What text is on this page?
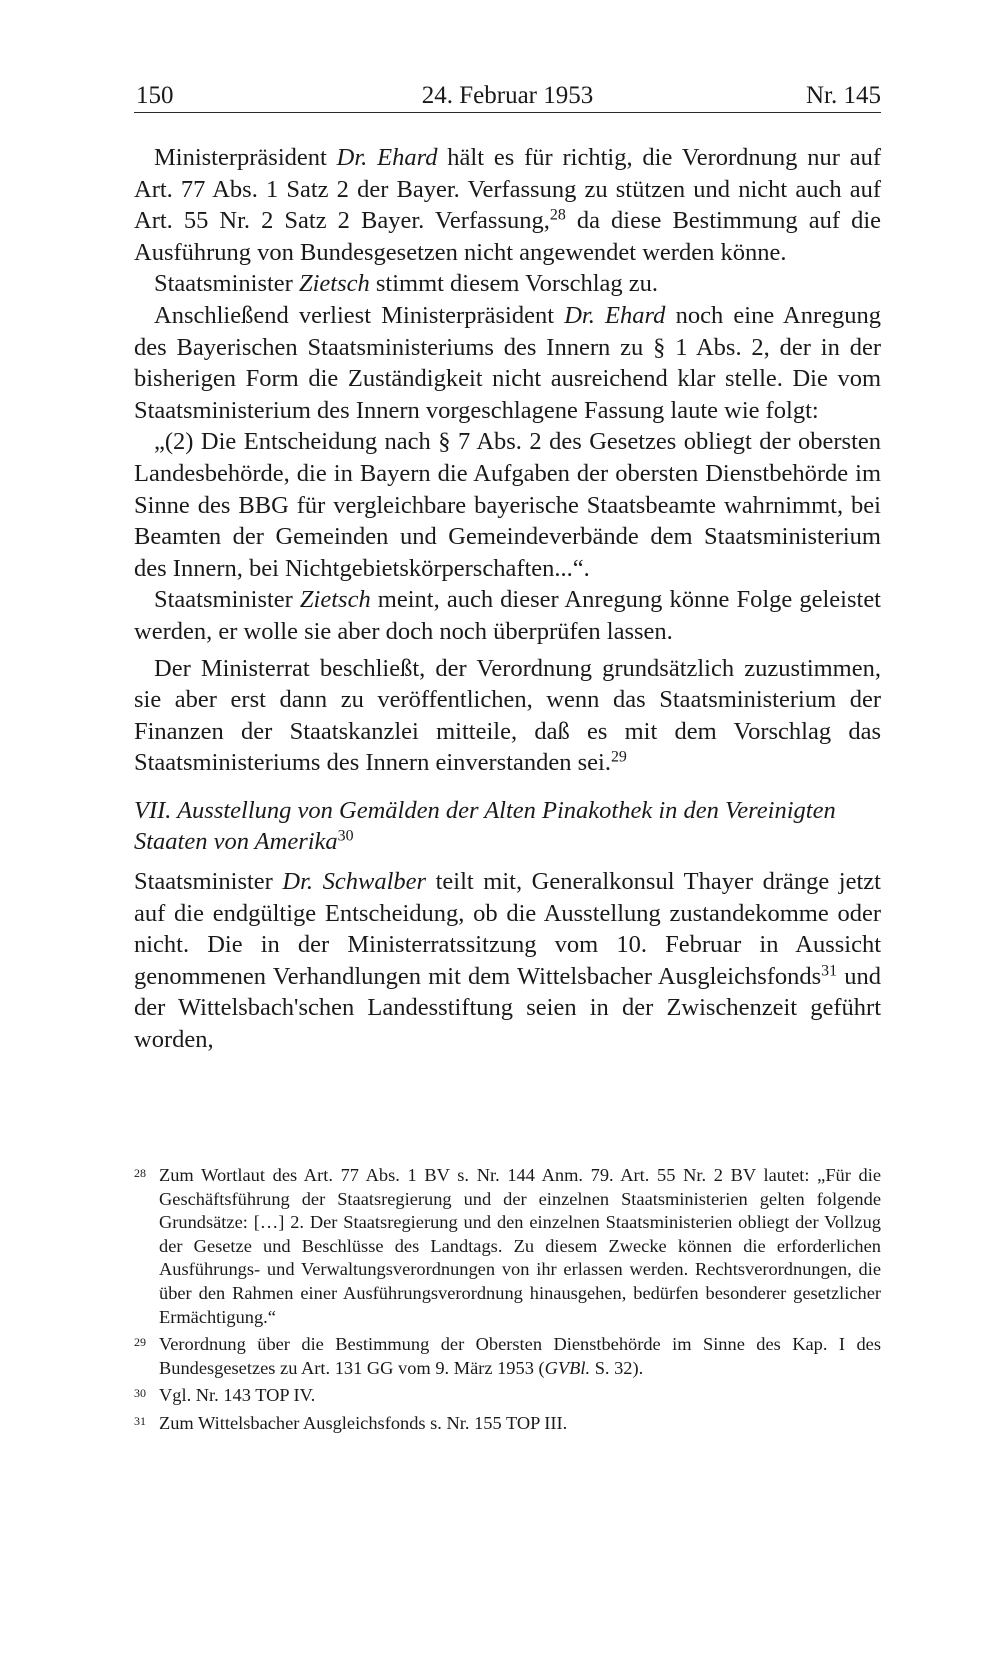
150	24. Februar 1953	Nr. 145

Ministerpräsident Dr. Ehard hält es für richtig, die Verordnung nur auf Art. 77 Abs. 1 Satz 2 der Bayer. Verfassung zu stützen und nicht auch auf Art. 55 Nr. 2 Satz 2 Bayer. Verfassung,$^{28}$ da diese Bestimmung auf die Ausführung von Bundesgesetzen nicht angewendet werden könne.

Staatsminister Zietsch stimmt diesem Vorschlag zu.

Anschließend verliest Ministerpräsident Dr. Ehard noch eine Anregung des Bayerischen Staatsministeriums des Innern zu § 1 Abs. 2, der in der bisherigen Form die Zuständigkeit nicht ausreichend klar stelle. Die vom Staatsministerium des Innern vorgeschlagene Fassung laute wie folgt:

„(2) Die Entscheidung nach § 7 Abs. 2 des Gesetzes obliegt der obersten Landesbehörde, die in Bayern die Aufgaben der obersten Dienstbehörde im Sinne des BBG für vergleichbare bayerische Staatsbeamte wahrnimmt, bei Beamten der Gemeinden und Gemeindeverbände dem Staatsministerium des Innern, bei Nichtgebietskörperschaften...“.

Staatsminister Zietsch meint, auch dieser Anregung könne Folge geleistet werden, er wolle sie aber doch noch überprüfen lassen.

Der Ministerrat beschließt, der Verordnung grundsätzlich zuzustimmen, sie aber erst dann zu veröffentlichen, wenn das Staatsministerium der Finanzen der Staatskanzlei mitteile, daß es mit dem Vorschlag das Staatsministeriums des Innern einverstanden sei.$^{29}$

VII. Ausstellung von Gemälden der Alten Pinakothek in den Vereinigten Staaten von Amerika$^{30}$

Staatsminister Dr. Schwalber teilt mit, Generalkonsul Thayer dränge jetzt auf die endgültige Entscheidung, ob die Ausstellung zustandekomme oder nicht. Die in der Ministerratssitzung vom 10. Februar in Aussicht genommenen Verhandlungen mit dem Wittelsbacher Ausgleichsfonds$^{31}$ und der Wittelsbach'schen Landesstiftung seien in der Zwischenzeit geführt worden,

28 Zum Wortlaut des Art. 77 Abs. 1 BV s. Nr. 144 Anm. 79. Art. 55 Nr. 2 BV lautet: „Für die Geschäftsführung der Staatsregierung und der einzelnen Staatsministerien gelten folgende Grundsätze: […] 2. Der Staatsregierung und den einzelnen Staatsministerien obliegt der Vollzug der Gesetze und Beschlüsse des Landtags. Zu diesem Zwecke können die erforderlichen Ausführungs- und Verwaltungsverordnungen von ihr erlassen werden. Rechtsverordnungen, die über den Rahmen einer Ausführungsverordnung hinausgehen, bedürfen besonderer gesetzlicher Ermächtigung.“
29 Verordnung über die Bestimmung der Obersten Dienstbehörde im Sinne des Kap. I des Bundesgesetzes zu Art. 131 GG vom 9. März 1953 (GVBl. S. 32).
30 Vgl. Nr. 143 TOP IV.
31 Zum Wittelsbacher Ausgleichsfonds s. Nr. 155 TOP III.
